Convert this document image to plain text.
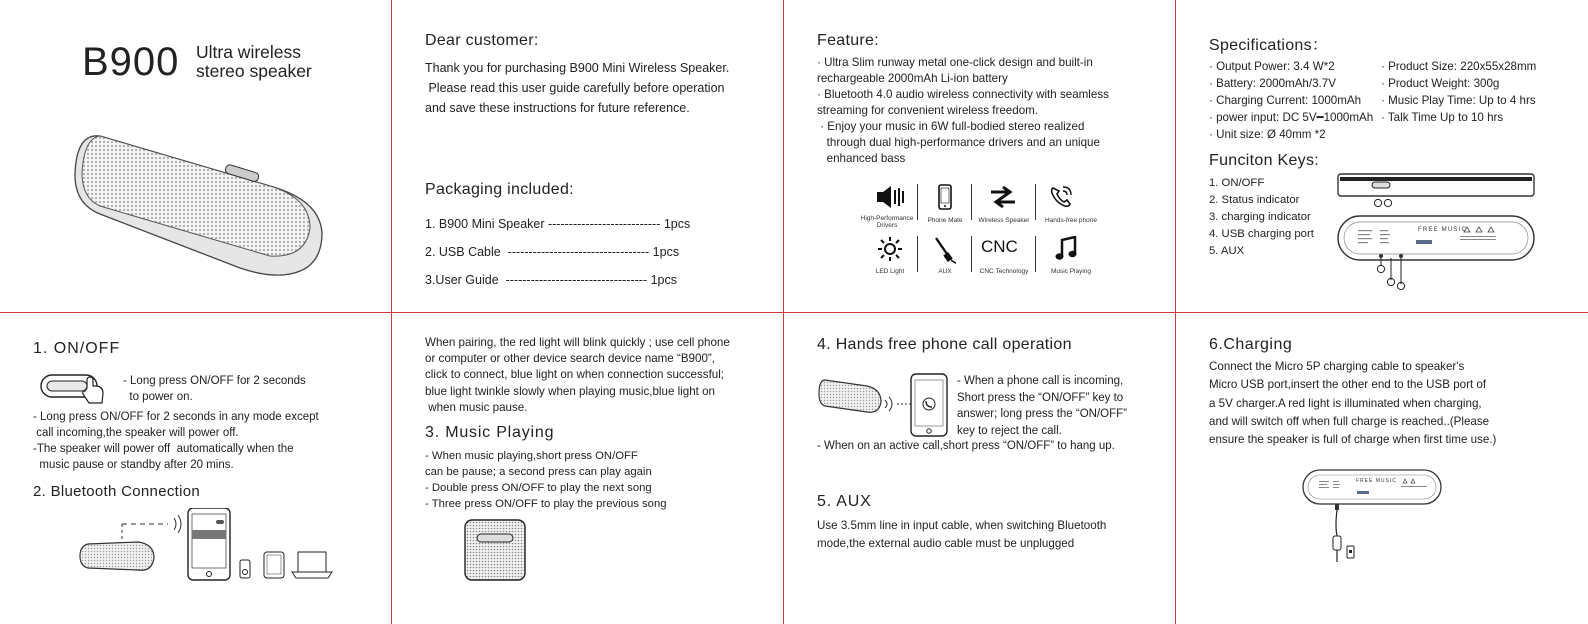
B900 Ultra wireless
stereo speaker
Dear customer:
Thank you for purchasing B900 Mini Wireless Speaker.
Please read this user guide carefully before operation
and save these instructions for future reference.
Packaging included:
1. B900 Mini Speaker --------------------------- 1pcs
2. USB Cable  ---------------------------------- 1pcs
3.User Guide  ---------------------------------- 1pcs
Feature:
· Ultra Slim runway metal one-click design and built-in
rechargeable 2000mAh Li-ion battery
· Bluetooth 4.0 audio wireless connectivity with seamless
streaming for convenient wireless freedom.
· Enjoy your music in 6W full-bodied stereo realized
through dual high-performance drivers and an unique
enhanced bass
High-Performance
Drivers
Phone Mate	Wireless Speaker	Hands-free phone
LED Light	AUX
CNC
CNC Technology	Music Playing
Specifications：
· Output Power: 3.4 W*2
· Battery: 2000mAh/3.7V
· Charging Current: 1000mAh
· power input: DC 5V━1000mAh
· Unit size: Ø 40mm *2
· Product Size: 220x55x28mm
· Product Weight: 300g
· Music Play Time: Up to 4 hrs
· Talk Time Up to 10 hrs
Funciton Keys:
1. ON/OFF
2. Status indicator
3. charging indicator
4. USB charging port
5. AUX
FREE MUSIC
1. ON/OFF
- Long press ON/OFF for 2 seconds
to power on.
- Long press ON/OFF for 2 seconds in any mode except
call incoming,the speaker will power off.
-The speaker will power off  automatically when the
music pause or standby after 20 mins.
2. Bluetooth Connection
When pairing, the red light will blink quickly ; use cell phone
or computer or other device search device name “B900”,
click to connect, blue light on when connection successful;
blue light twinkle slowly when playing music,blue light on
when music pause.
3. Music Playing
- When music playing,short press ON/OFF
can be pause; a second press can play again
- Double press ON/OFF to play the next song
- Three press ON/OFF to play the previous song
4. Hands free phone call operation
- When a phone call is incoming,
Short press the “ON/OFF” key to
answer; long press the “ON/OFF”
key to reject the call.
- When on an active call,short press “ON/OFF” to hang up.
5. AUX
Use 3.5mm line in input cable, when switching Bluetooth
mode,the external audio cable must be unplugged
6.Charging
Connect the Micro 5P charging cable to speaker's
Micro USB port,insert the other end to the USB port of
a 5V charger.A red light is illuminated when charging,
and will switch off when full charge is reached..(Please
ensure the speaker is full of charge when first time use.)
FREE MUSIC
